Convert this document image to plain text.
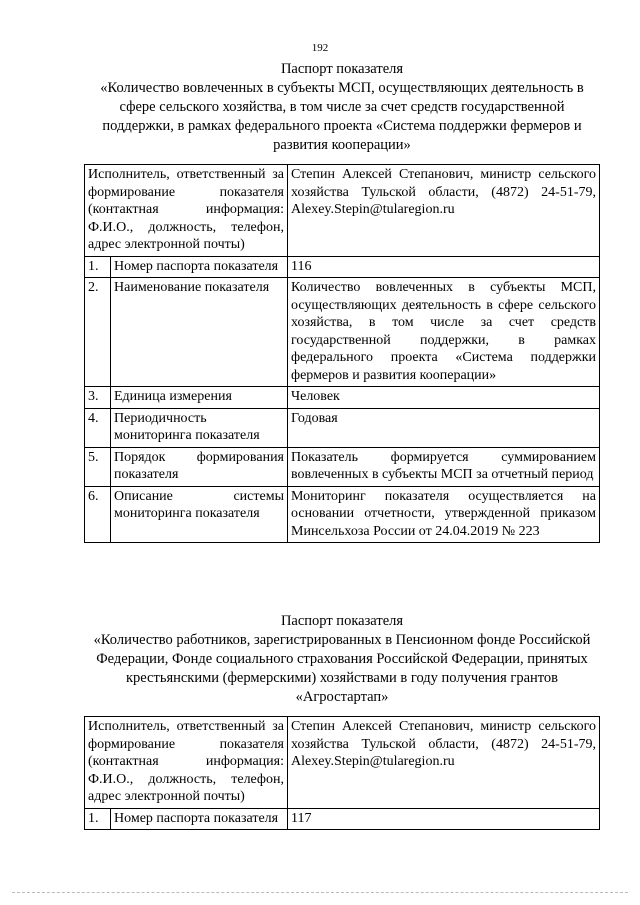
192
Паспорт показателя
«Количество вовлеченных в субъекты МСП, осуществляющих деятельность в сфере сельского хозяйства, в том числе за счет средств государственной поддержки, в рамках федерального проекта «Система поддержки фермеров и развития кооперации»
Исполнитель, ответственный за формирование показателя (контактная информация: Ф.И.О., должность, телефон, адрес электронной почты)		Степин Алексей Степанович, министр сельского хозяйства Тульской области, (4872) 24-51-79, Alexey.Stepin@tularegion.ru
1.	Номер паспорта показателя	116
2.	Наименование показателя	Количество вовлеченных в субъекты МСП, осуществляющих деятельность в сфере сельского хозяйства, в том числе за счет средств государственной поддержки, в рамках федерального проекта «Система поддержки фермеров и развития кооперации»
3.	Единица измерения	Человек
4.	Периодичность мониторинга показателя	Годовая
5.	Порядок формирования показателя	Показатель формируется суммированием вовлеченных в субъекты МСП за отчетный период
6.	Описание системы мониторинга показателя	Мониторинг показателя осуществляется на основании отчетности, утвержденной приказом Минсельхоза России от 24.04.2019 № 223
Паспорт показателя
«Количество работников, зарегистрированных в Пенсионном фонде Российской Федерации, Фонде социального страхования Российской Федерации, принятых крестьянскими (фермерскими) хозяйствами в году получения грантов «Агростартап»
Исполнитель, ответственный за формирование показателя (контактная информация: Ф.И.О., должность, телефон, адрес электронной почты)		Степин Алексей Степанович, министр сельского хозяйства Тульской области, (4872) 24-51-79, Alexey.Stepin@tularegion.ru
1.	Номер паспорта показателя	117
